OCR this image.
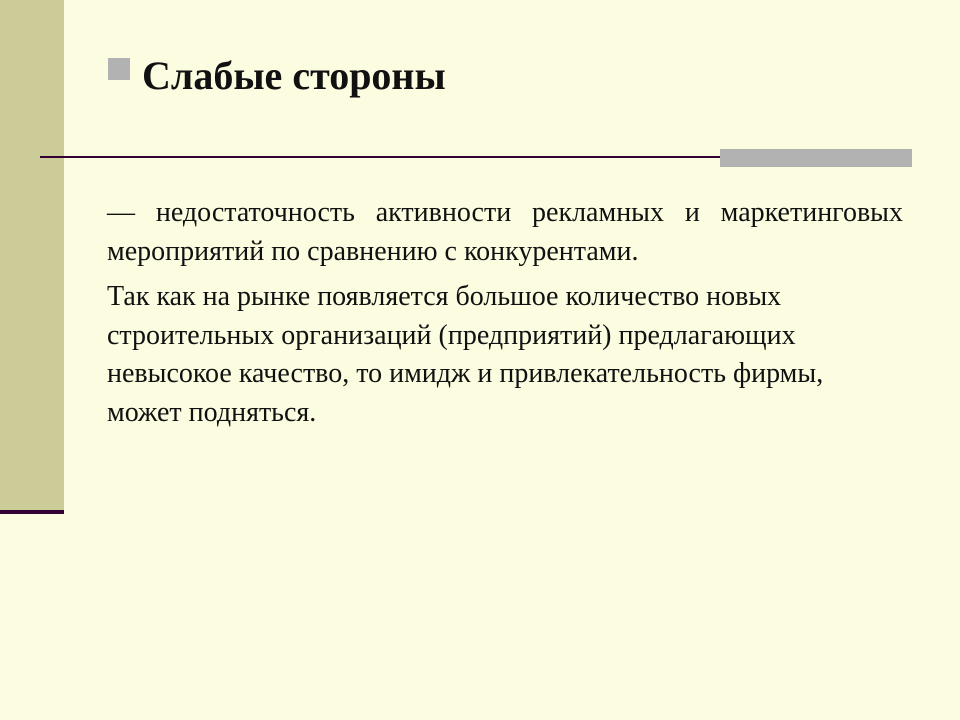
Слабые стороны

— недостаточность активности рекламных и маркетинговых мероприятий по сравнению с конкурентами.

Так как на рынке появляется большое количество новых строительных организаций (предприятий) предлагающих невысокое качество, то имидж и привлекательность фирмы, может подняться.
